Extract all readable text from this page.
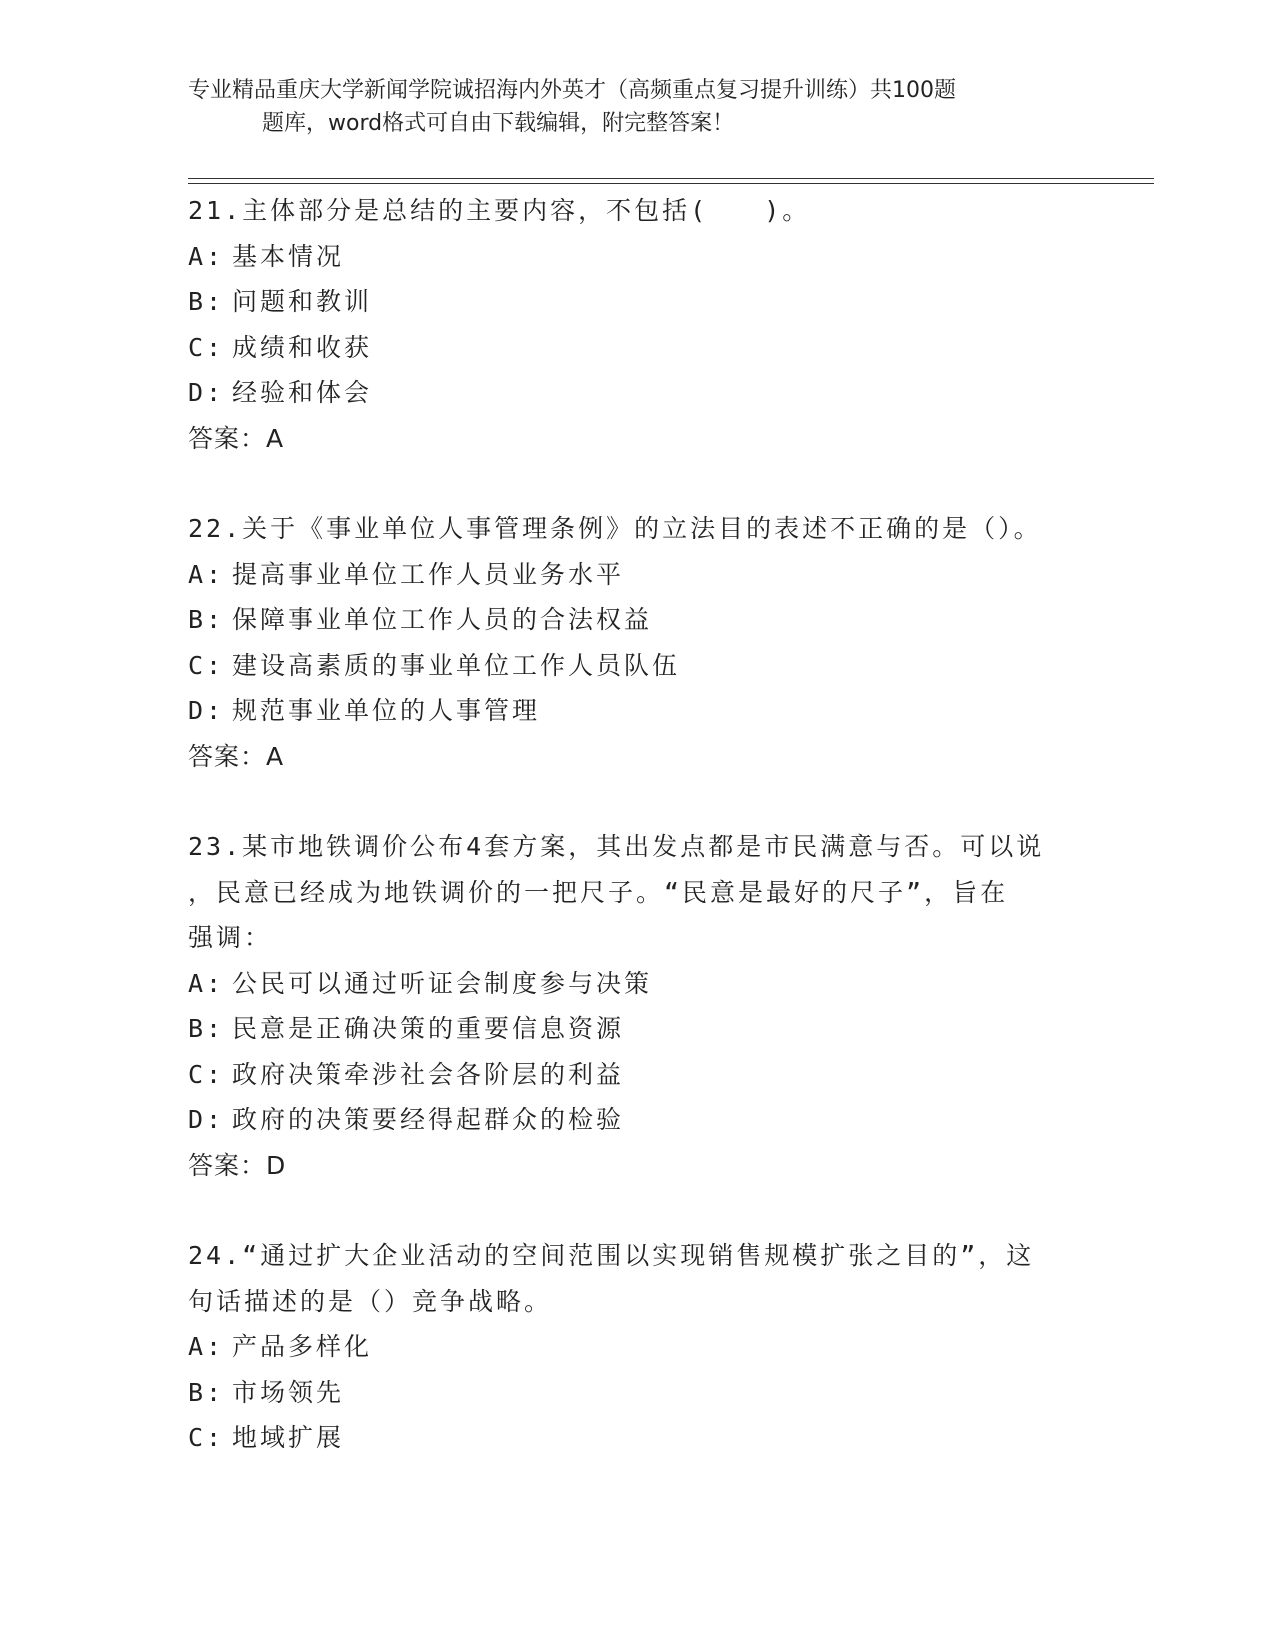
专业精品重庆大学新闻学院诚招海内外英才（高频重点复习提升训练）共100题
题库，word格式可自由下载编辑，附完整答案！
21.主体部分是总结的主要内容，不包括(　　)。
A: 基本情况
B: 问题和教训
C: 成绩和收获
D: 经验和体会
答案：A
22.关于《事业单位人事管理条例》的立法目的表述不正确的是（）。
A: 提高事业单位工作人员业务水平
B: 保障事业单位工作人员的合法权益
C: 建设高素质的事业单位工作人员队伍
D: 规范事业单位的人事管理
答案：A
23.某市地铁调价公布4套方案，其出发点都是市民满意与否。可以说
，民意已经成为地铁调价的一把尺子。“民意是最好的尺子”，旨在
强调：
A: 公民可以通过听证会制度参与决策
B: 民意是正确决策的重要信息资源
C: 政府决策牵涉社会各阶层的利益
D: 政府的决策要经得起群众的检验
答案：D
24.“通过扩大企业活动的空间范围以实现销售规模扩张之目的”，这
句话描述的是（）竞争战略。
A: 产品多样化
B: 市场领先
C: 地域扩展
